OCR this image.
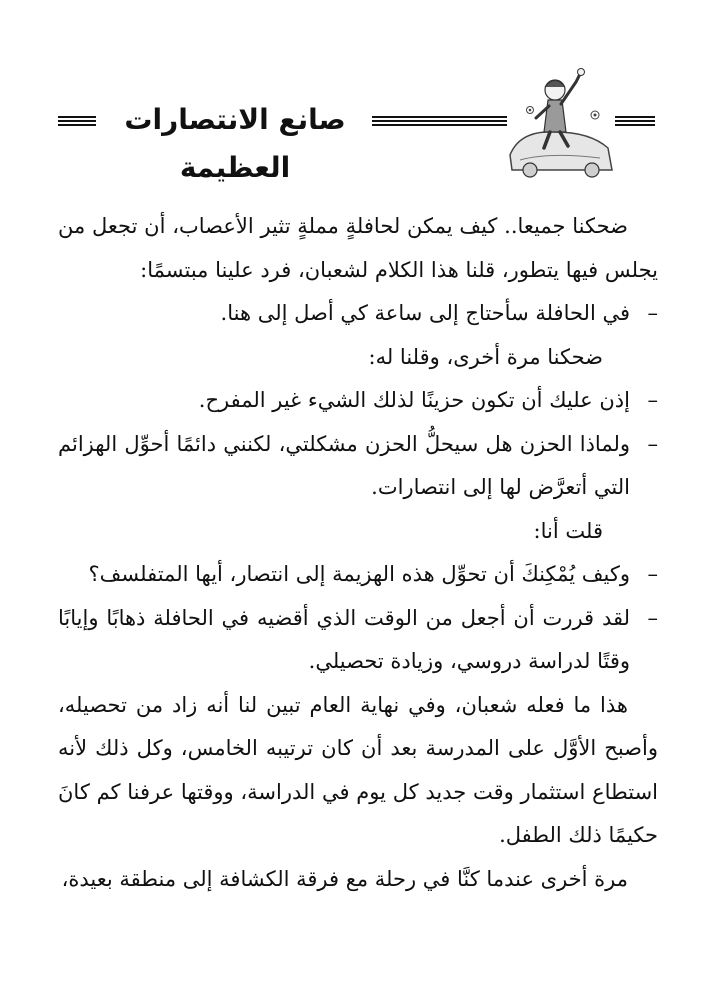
صانع الانتصارات العظيمة

ضحكنا جميعا.. كيف يمكن لحافلةٍ مملةٍ تثير الأعصاب، أن تجعل من يجلس فيها يتطور، قلنا هذا الكلام لشعبان، فرد علينا مبتسمًا:

–
في الحافلة سأحتاج إلى ساعة كي أصل إلى هنا.

ضحكنا مرة أخرى، وقلنا له:

–
إذن عليك أن تكون حزينًا لذلك الشيء غير المفرح.

–
ولماذا الحزن هل سيحلُّ الحزن مشكلتي، لكنني دائمًا أحوِّل الهزائم التي أتعرَّض لها إلى انتصارات.

قلت أنا:

–
وكيف يُمْكِنكَ أن تحوِّل هذه الهزيمة إلى انتصار، أيها المتفلسف؟

–
لقد قررت أن أجعل من الوقت الذي أقضيه في الحافلة ذهابًا وإيابًا وقتًا لدراسة دروسي، وزيادة تحصيلي.

هذا ما فعله شعبان، وفي نهاية العام تبين لنا أنه زاد من تحصيله، وأصبح الأوَّل على المدرسة بعد أن كان ترتيبه الخامس، وكل ذلك لأنه استطاع استثمار وقت جديد كل يوم في الدراسة، ووقتها عرفنا كم كانَ حكيمًا ذلك الطفل.

مرة أخرى عندما كنَّا في رحلة مع فرقة الكشافة إلى منطقة بعيدة،
